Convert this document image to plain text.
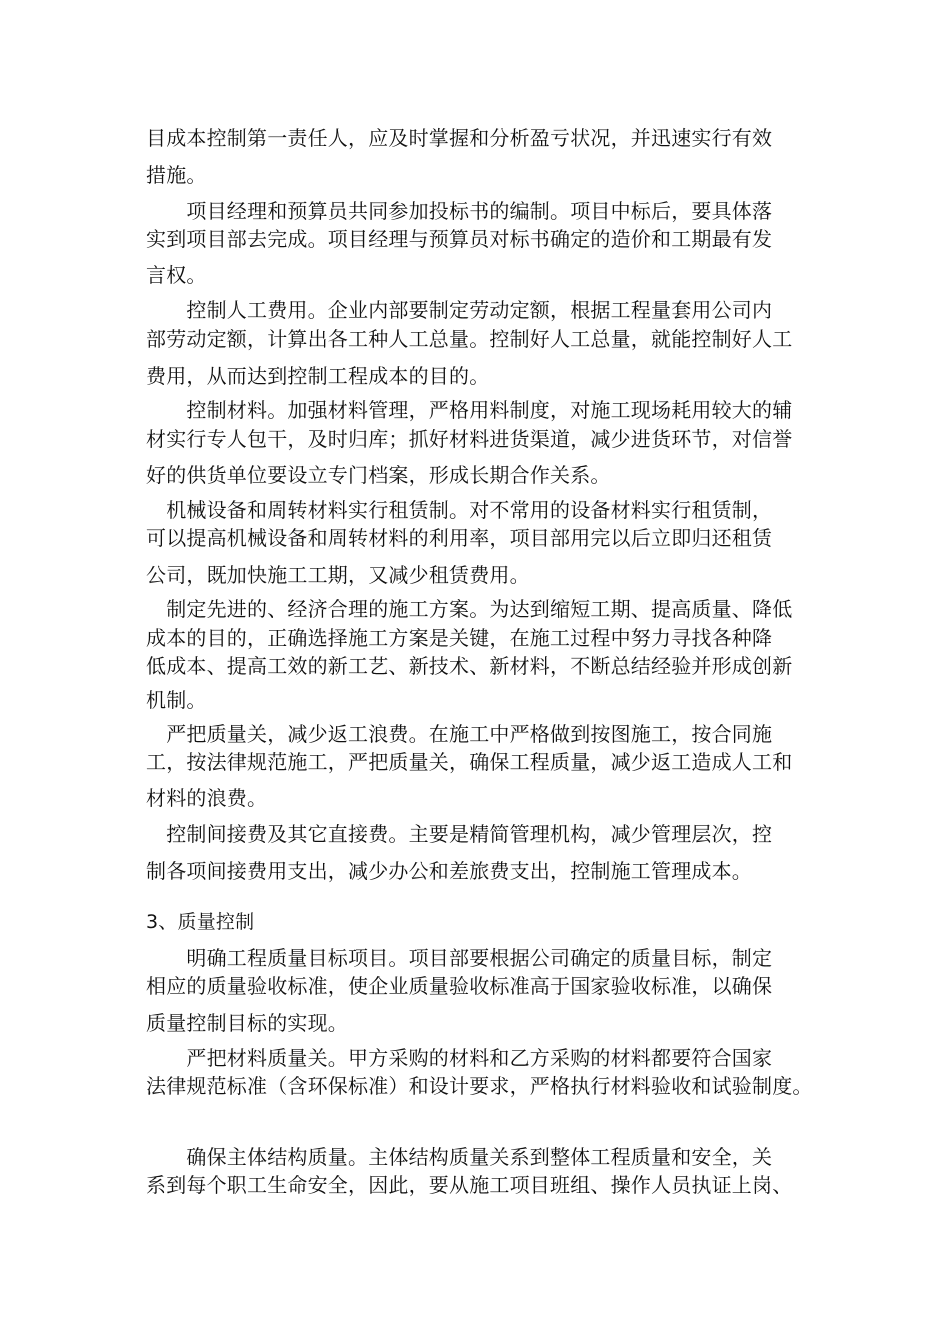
目成本控制第一责任人，应及时掌握和分析盈亏状况，并迅速实行有效
措施。
　　项目经理和预算员共同参加投标书的编制。项目中标后，要具体落
实到项目部去完成。项目经理与预算员对标书确定的造价和工期最有发
言权。
　　控制人工费用。企业内部要制定劳动定额，根据工程量套用公司内
部劳动定额，计算出各工种人工总量。控制好人工总量，就能控制好人工
费用，从而达到控制工程成本的目的。
　　控制材料。加强材料管理，严格用料制度，对施工现场耗用较大的辅
材实行专人包干，及时归库；抓好材料进货渠道，减少进货环节，对信誉
好的供货单位要设立专门档案，形成长期合作关系。
　机械设备和周转材料实行租赁制。对不常用的设备材料实行租赁制，
可以提高机械设备和周转材料的利用率，项目部用完以后立即归还租赁
公司，既加快施工工期，又减少租赁费用。
　制定先进的、经济合理的施工方案。为达到缩短工期、提高质量、降低
成本的目的，正确选择施工方案是关键，在施工过程中努力寻找各种降
低成本、提高工效的新工艺、新技术、新材料，不断总结经验并形成创新
机制。
　严把质量关，减少返工浪费。在施工中严格做到按图施工，按合同施
工，按法律规范施工，严把质量关，确保工程质量，减少返工造成人工和
材料的浪费。
　控制间接费及其它直接费。主要是精简管理机构，减少管理层次，控
制各项间接费用支出，减少办公和差旅费支出，控制施工管理成本。
3、质量控制
　　明确工程质量目标项目。项目部要根据公司确定的质量目标，制定
相应的质量验收标准，使企业质量验收标准高于国家验收标准，以确保
质量控制目标的实现。
　　严把材料质量关。甲方采购的材料和乙方采购的材料都要符合国家
法律规范标准（含环保标准）和设计要求，严格执行材料验收和试验制度。
　　确保主体结构质量。主体结构质量关系到整体工程质量和安全，关
系到每个职工生命安全，因此，要从施工项目班组、操作人员执证上岗、
